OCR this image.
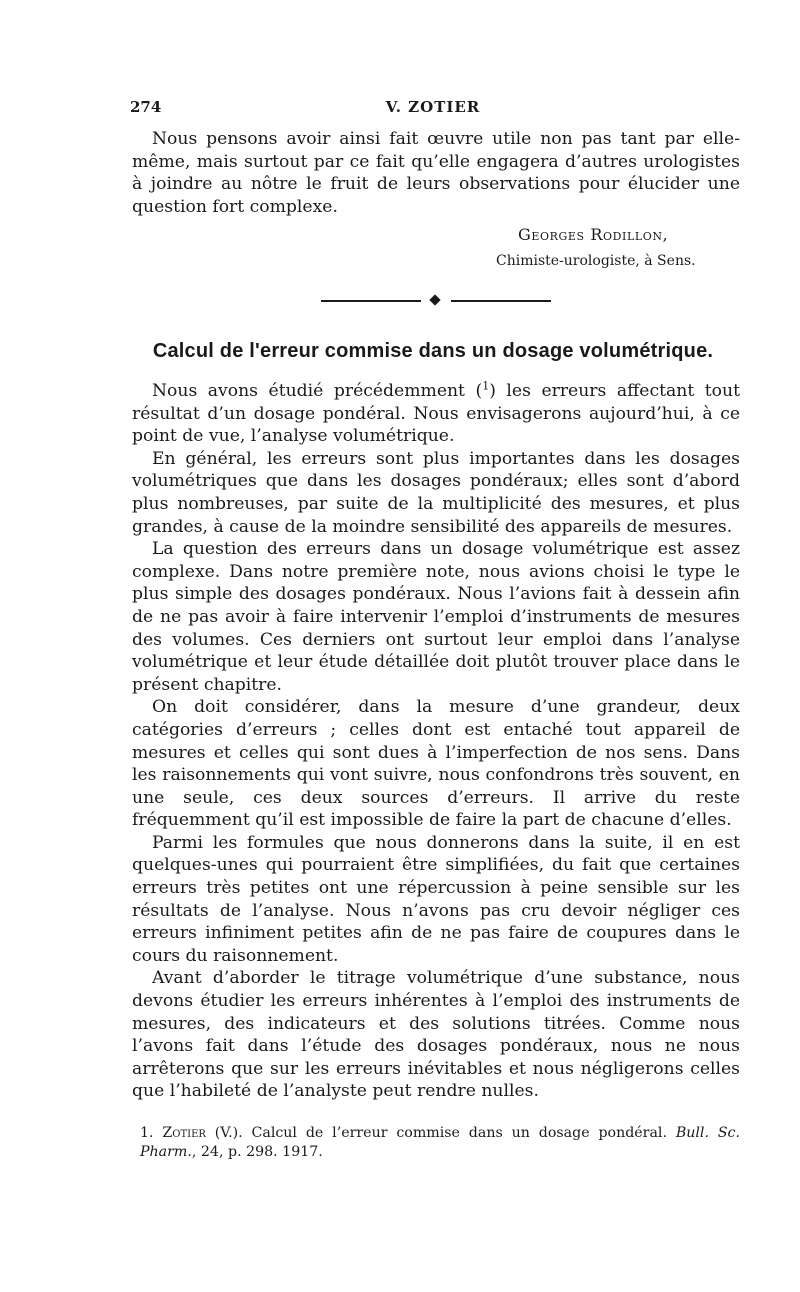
274	V. ZOTIER

Nous pensons avoir ainsi fait œuvre utile non pas tant par elle-même, mais surtout par ce fait qu’elle engagera d’autres urologistes à joindre au nôtre le fruit de leurs observations pour élucider une question fort complexe.

Georges Rodillon,
Chimiste-urologiste, à Sens.
Calcul de l'erreur commise dans un dosage volumétrique.

Nous avons étudié précédemment ($^1$) les erreurs affectant tout résultat d’un dosage pondéral. Nous envisagerons aujourd’hui, à ce point de vue, l’analyse volumétrique.

En général, les erreurs sont plus importantes dans les dosages volumétriques que dans les dosages pondéraux; elles sont d’abord plus nombreuses, par suite de la multiplicité des mesures, et plus grandes, à cause de la moindre sensibilité des appareils de mesures.

La question des erreurs dans un dosage volumétrique est assez complexe. Dans notre première note, nous avions choisi le type le plus simple des dosages pondéraux. Nous l’avions fait à dessein afin de ne pas avoir à faire intervenir l’emploi d’instruments de mesures des volumes. Ces derniers ont surtout leur emploi dans l’analyse volumétrique et leur étude détaillée doit plutôt trouver place dans le présent chapitre.

On doit considérer, dans la mesure d’une grandeur, deux catégories d’erreurs ; celles dont est entaché tout appareil de mesures et celles qui sont dues à l’imperfection de nos sens. Dans les raisonnements qui vont suivre, nous confondrons très souvent, en une seule, ces deux sources d’erreurs. Il arrive du reste fréquemment qu’il est impossible de faire la part de chacune d’elles.

Parmi les formules que nous donnerons dans la suite, il en est quelques-unes qui pourraient être simplifiées, du fait que certaines erreurs très petites ont une répercussion à peine sensible sur les résultats de l’analyse. Nous n’avons pas cru devoir négliger ces erreurs infiniment petites afin de ne pas faire de coupures dans le cours du raisonnement.

Avant d’aborder le titrage volumétrique d’une substance, nous devons étudier les erreurs inhérentes à l’emploi des instruments de mesures, des indicateurs et des solutions titrées. Comme nous l’avons fait dans l’étude des dosages pondéraux, nous ne nous arrêterons que sur les erreurs inévitables et nous négligerons celles que l’habileté de l’analyste peut rendre nulles.

1. Zotier (V.). Calcul de l’erreur commise dans un dosage pondéral. Bull. Sc. Pharm., 24, p. 298. 1917.
